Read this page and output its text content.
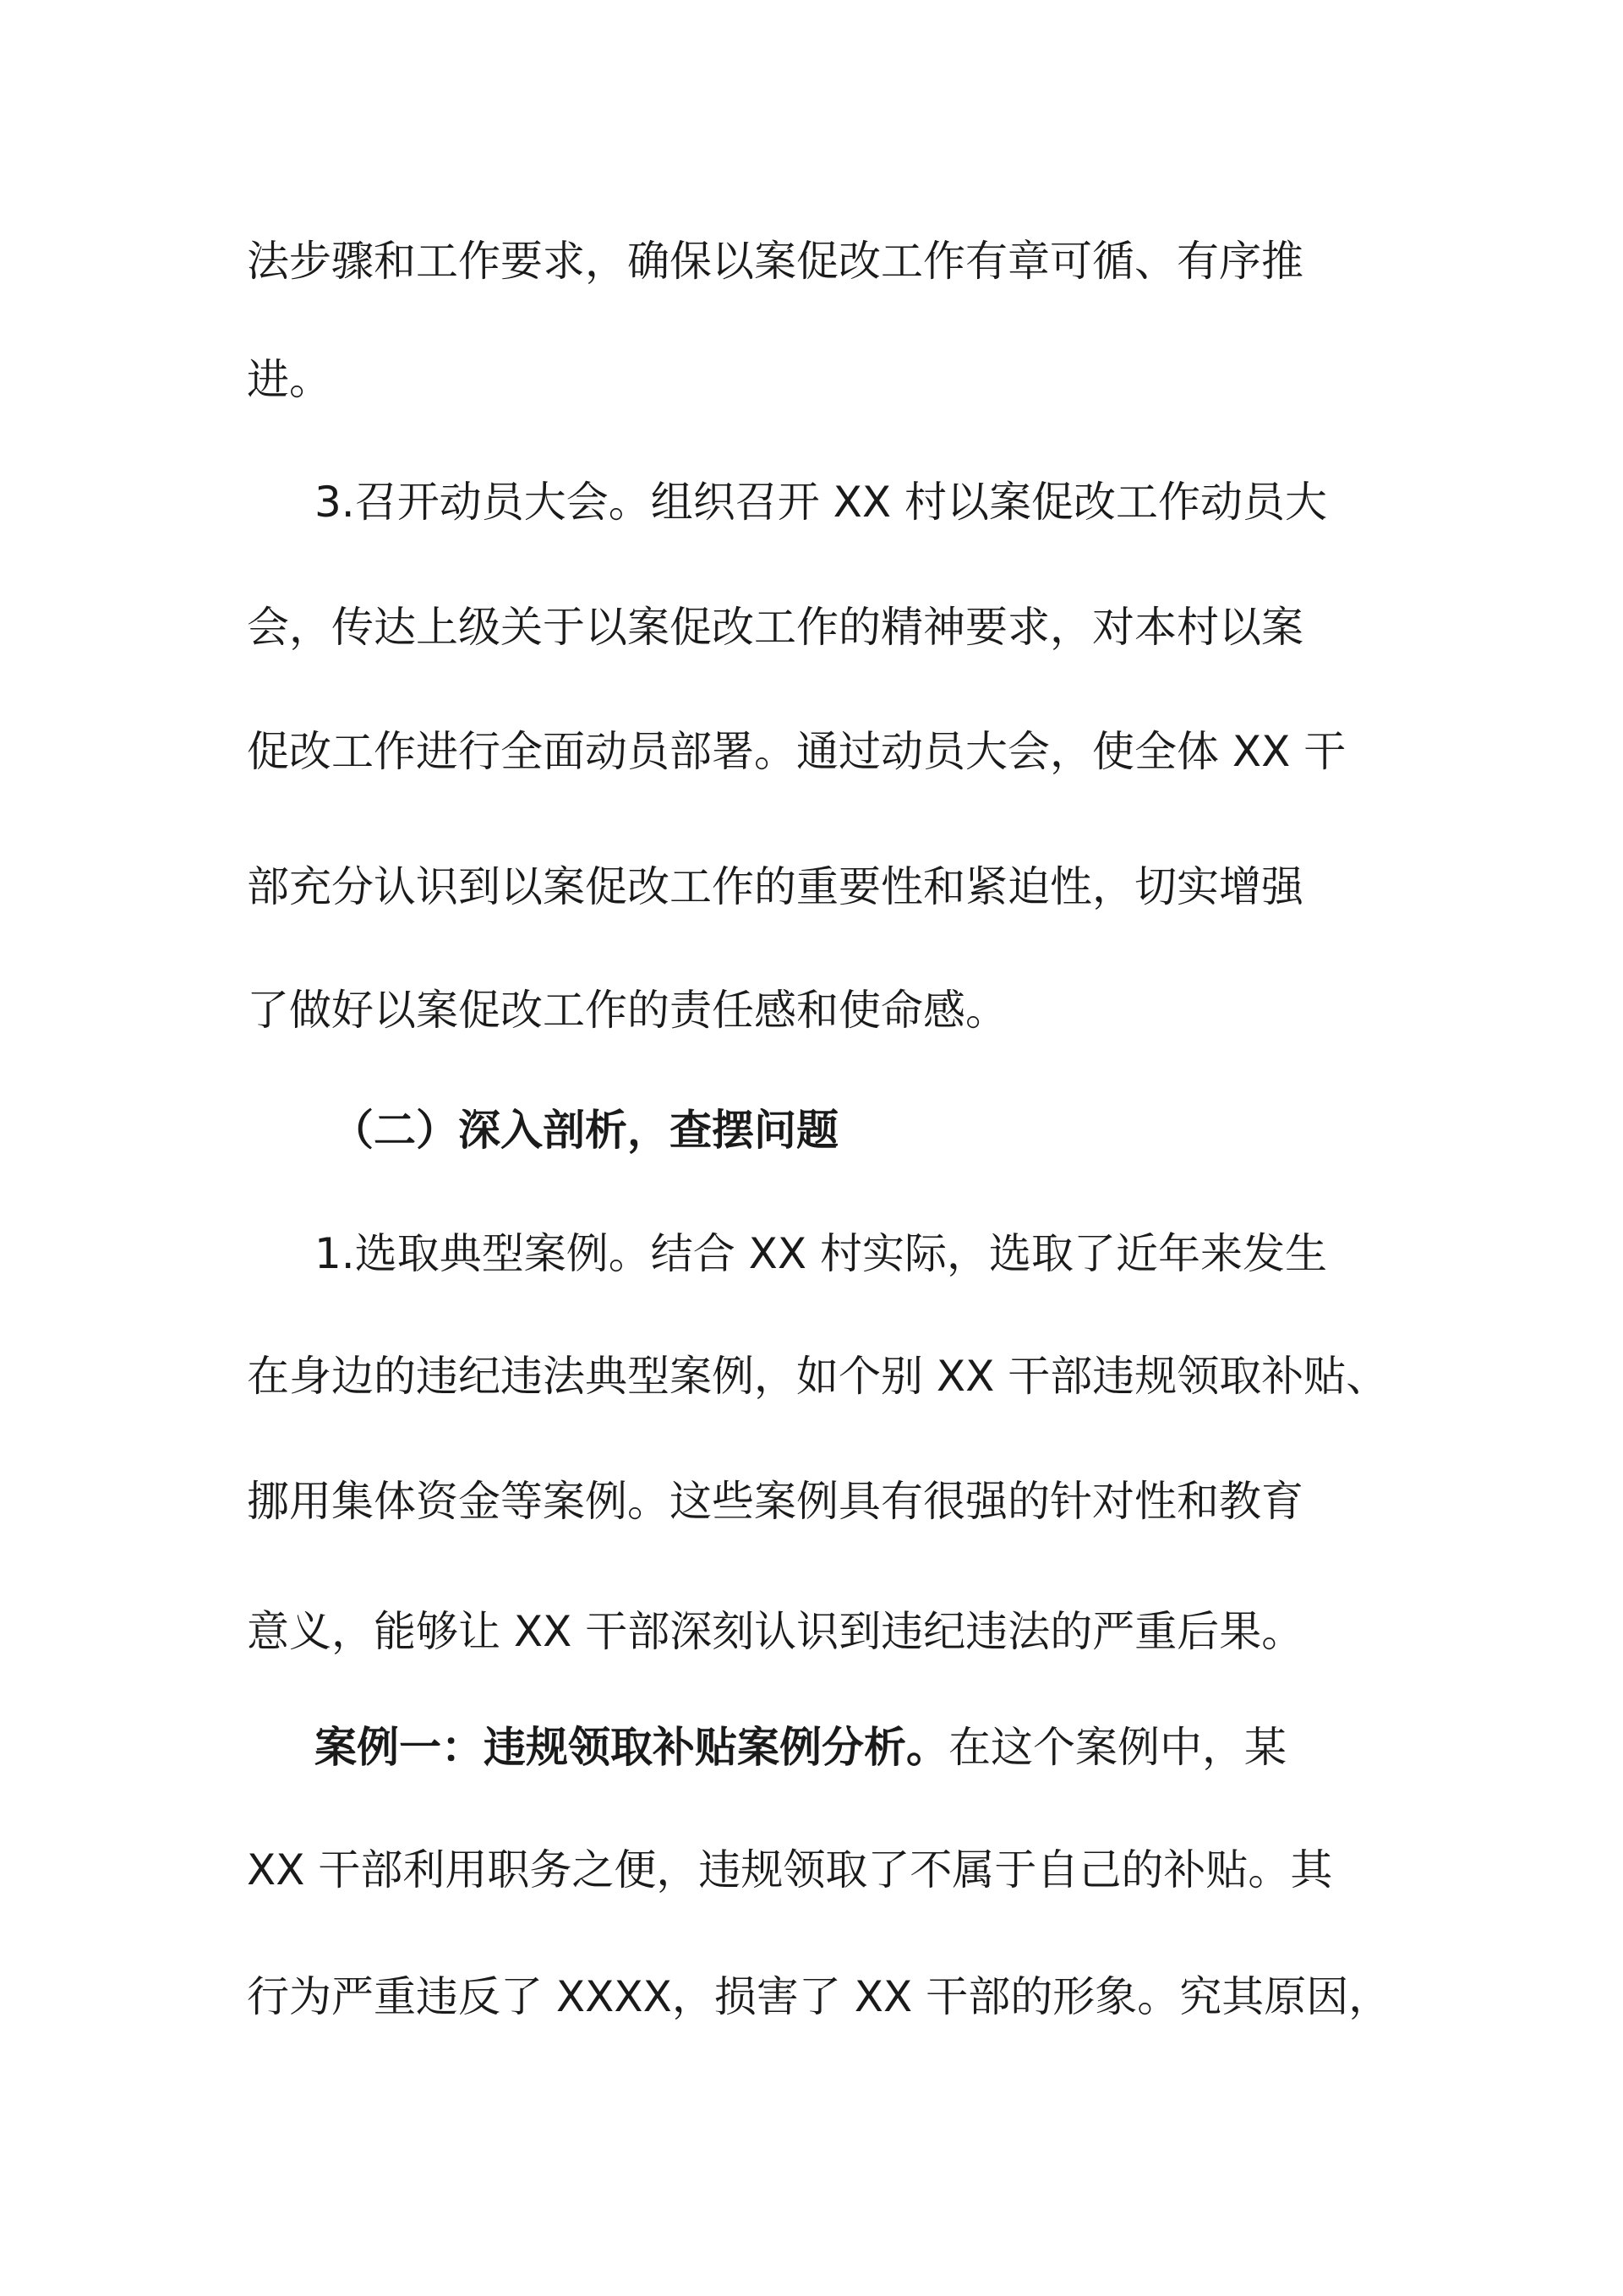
法步骤和工作要求，确保以案促改工作有章可循、有序推
进。
3.召开动员大会。组织召开 XX 村以案促改工作动员大
会，传达上级关于以案促改工作的精神要求，对本村以案
促改工作进行全面动员部署。通过动员大会，使全体 XX 干
部充分认识到以案促改工作的重要性和紧迫性，切实增强
了做好以案促改工作的责任感和使命感。
（二）深入剖析，查摆问题
1.选取典型案例。结合 XX 村实际，选取了近年来发生
在身边的违纪违法典型案例，如个别 XX 干部违规领取补贴、
挪用集体资金等案例。这些案例具有很强的针对性和教育
意义，能够让 XX 干部深刻认识到违纪违法的严重后果。
案例一：违规领取补贴案例分析。在这个案例中，某
XX 干部利用职务之便，违规领取了不属于自己的补贴。其
行为严重违反了 XXXX，损害了 XX 干部的形象。究其原因，
